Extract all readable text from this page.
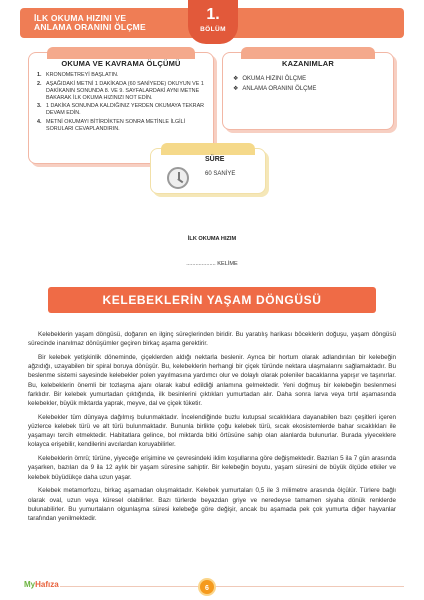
İLK OKUMA HIZINI VE
ANLAMA ORANINI ÖLÇME
1.
BÖLÜM
OKUMA VE KAVRAMA ÖLÇÜMÜ
1. KRONOMETREYİ BAŞLATIN.
2. AŞAĞIDAKİ METNİ 1 DAKİKADA (60 SANİYEDE) OKUYUN VE 1 DAKİKANIN SONUNDA 8. VE 9. SAYFALARDAKİ AYNI METNE BAKARAK İLK OKUMA HIZINIZI NOT EDİN.
3. 1 DAKİKA SONUNDA KALDIĞINIZ YERDEN OKUMAYA TEKRAR DEVAM EDİN.
4. METNİ OKUMAYI BİTİRDİKTEN SONRA METİNLE İLGİLİ SORULARI CEVAPLANDIRIN.
KAZANIMLAR
❖ OKUMA HIZINI ÖLÇME
❖ ANLAMA ORANINI ÖLÇME
SÜRE
60 SANİYE
İLK OKUMA HIZIM
................... KELİME
KELEBEKLERİN YAŞAM DÖNGÜSÜ

Kelebeklerin yaşam döngüsü, doğanın en ilginç süreçlerinden biridir. Bu yaratılış harikası böceklerin doğuşu, yaşam döngüsü sürecinde inanılmaz dönüşümler geçiren birkaç aşama gerektirir.

Bir kelebek yetişkinlik döneminde, çiçeklerden aldığı nektarla beslenir. Ayrıca bir hortum olarak adlandırılan bir kelebeğin ağzıdığı, uzayabilen bir spiral boruya dönüşür. Bu, kelebeklerin herhangi bir çiçek türünde nektara ulaşmalarını sağlamaktadır. Bu beslenme sistemi sayesinde kelebekler polen yayılmasına yardımcı olur ve dolaylı olarak poleniler bacaklarına yapışır ve taşınırlar. Bu, kelebeklerin önemli bir tozlaşma ajanı olarak kabul edildiği anlamına gelmektedir. Yeni doğmuş bir kelebeğin beslenmesi farklıdır. Bir kelebek yumurtadan çıktığında, ilk besinlerini çıktıkları yumurtadan alır. Daha sonra larva veya tırtıl aşamasında kelebekler, büyük miktarda yaprak, meyve, dal ve çiçek tüketir.

Kelebekler tüm dünyaya dağılmış bulunmaktadır. İncelendiğinde buzlu kutupsal sıcaklıklara dayanabilen bazı çeşitleri içeren yüzlerce kelebek türü ve alt türü bulunmaktadır. Bununla birlikte çoğu kelebek türü, sıcak ekosistemlerde bahar sıcaklıkları ile yaşamayı tercih etmektedir. Habitatlara gelince, bol miktarda bitki örtüsüne sahip olan alanlarda bulunurlar. Burada yiyeceklere kolayca erişebilir, kendilerini avcılardan koruyabilirler.

Kelebeklerin ömrü; türüne, yiyeceğe erişimine ve çevresindeki iklim koşullarına göre değişmektedir. Bazıları 5 ila 7 gün arasında yaşarken, bazıları da 9 ila 12 aylık bir yaşam süresine sahiptir. Bir kelebeğin boyutu, yaşam süresini de büyük ölçüde etkiler ve kelebek büyüdükçe daha uzun yaşar.

Kelebek metamorfozu, birkaç aşamadan oluşmaktadır. Kelebek yumurtaları 0,5 ile 3 milimetre arasında ölçülür. Türlere bağlı olarak oval, uzun veya küresel olabilirler. Bazı türlerde beyazdan griye ve neredeyse tamamen siyaha dönük renklerde bulunabilirler. Bu yumurtaların olgunlaşma süresi kelebeğe göre değişir, ancak bu aşamada pek çok yumurta diğer hayvanlar tarafından yenilmektedir.

MyHafıza	6
